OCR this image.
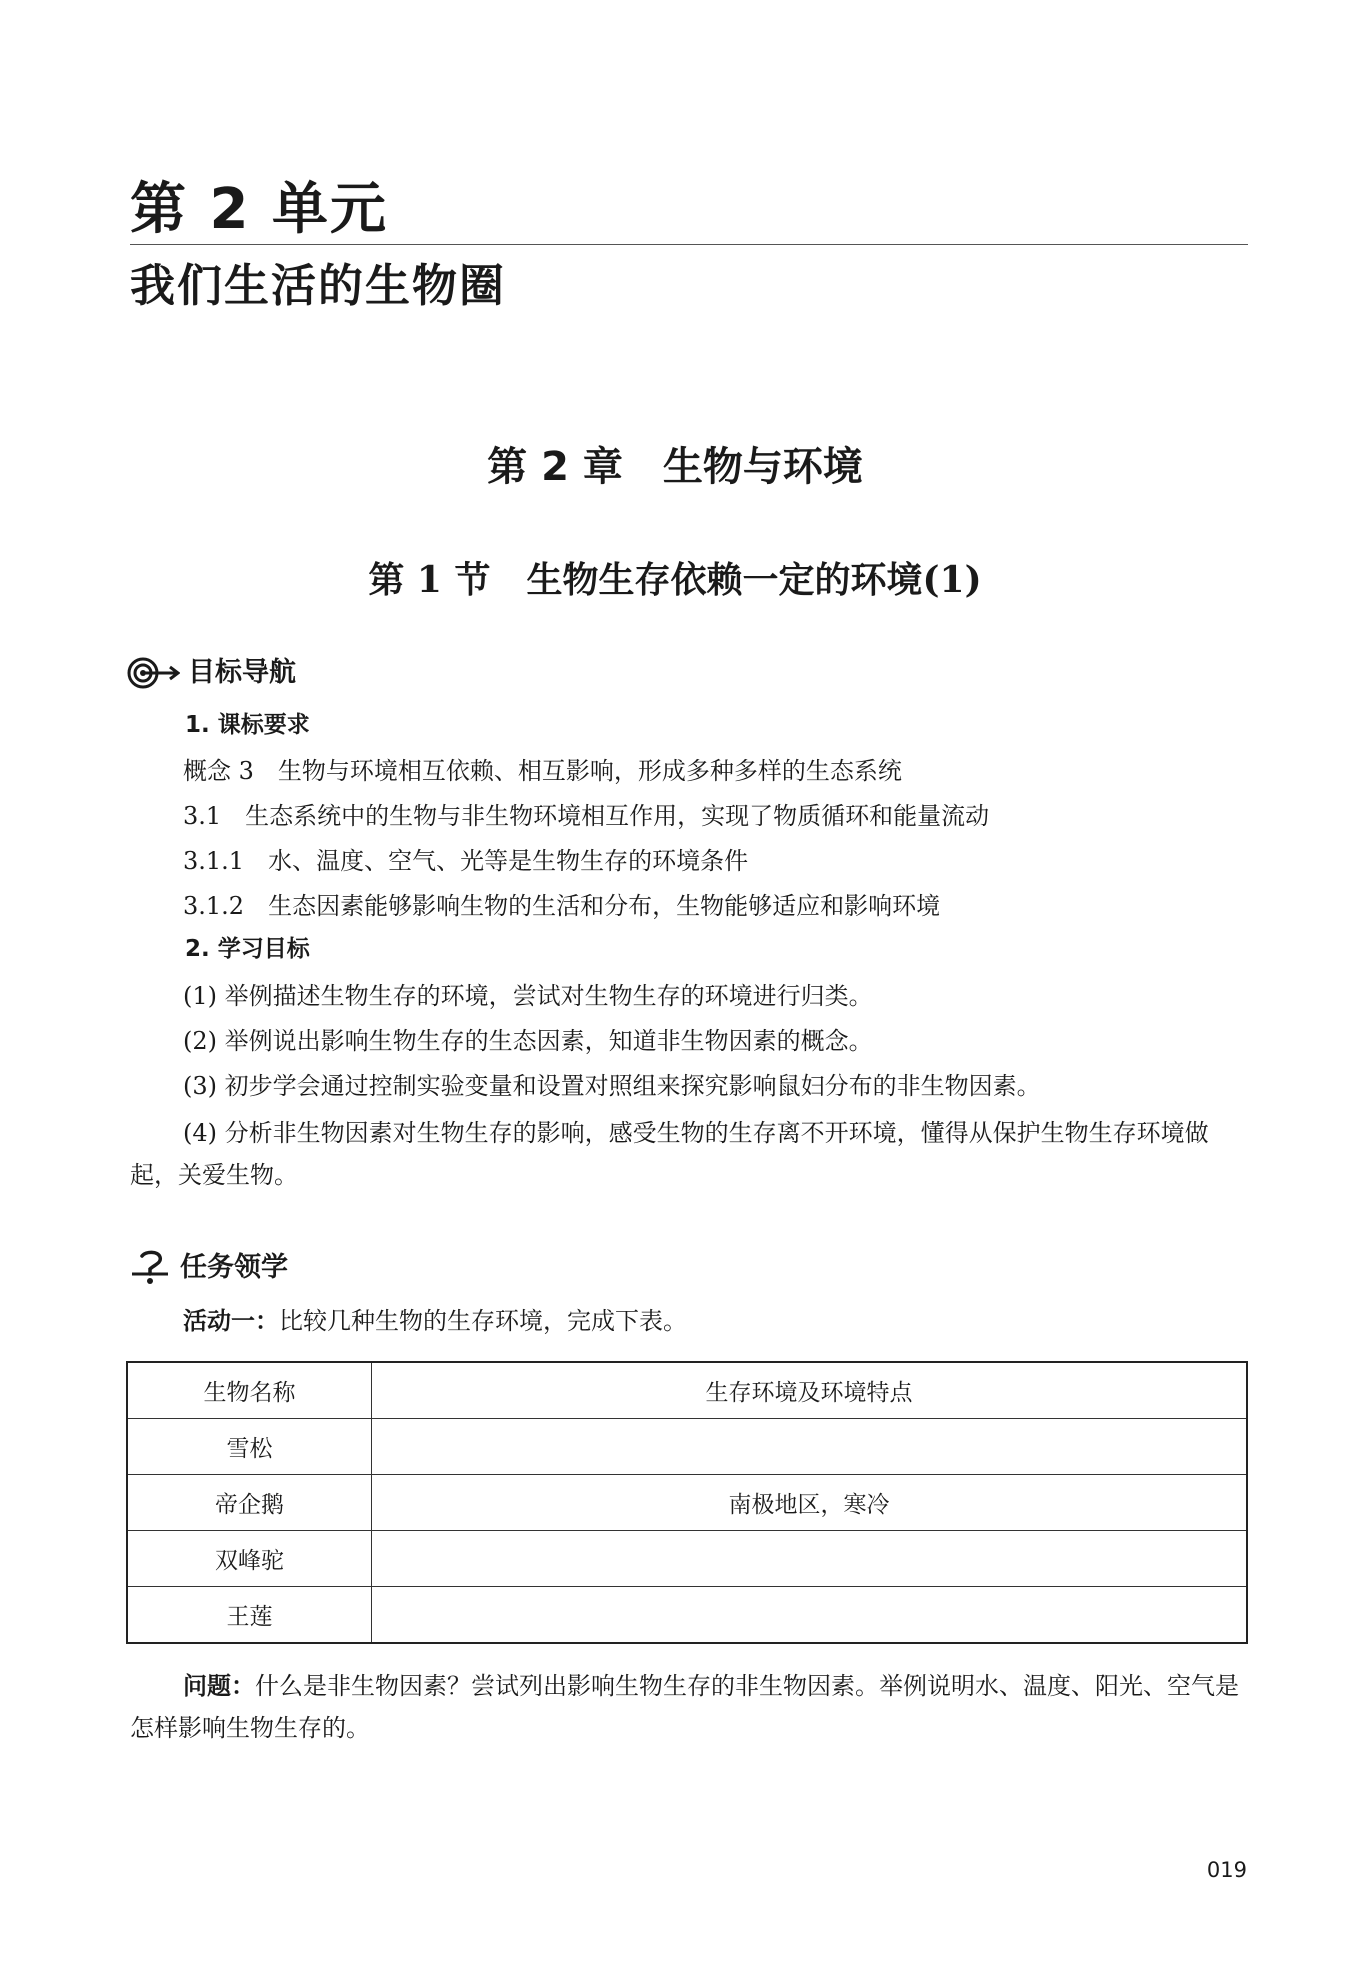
第 2 单元
我们生活的生物圈
第 2 章　生物与环境
第 1 节　生物生存依赖一定的环境(1)
目标导航
1. 课标要求
概念 3　生物与环境相互依赖、相互影响，形成多种多样的生态系统
3.1　生态系统中的生物与非生物环境相互作用，实现了物质循环和能量流动
3.1.1　水、温度、空气、光等是生物生存的环境条件
3.1.2　生态因素能够影响生物的生活和分布，生物能够适应和影响环境
2. 学习目标
(1) 举例描述生物生存的环境，尝试对生物生存的环境进行归类。
(2) 举例说出影响生物生存的生态因素，知道非生物因素的概念。
(3) 初步学会通过控制实验变量和设置对照组来探究影响鼠妇分布的非生物因素。
(4) 分析非生物因素对生物生存的影响，感受生物的生存离不开环境，懂得从保护生物生存环境做起，关爱生物。
任务领学
活动一：比较几种生物的生存环境，完成下表。
生物名称	生存环境及环境特点
雪松	
帝企鹅	南极地区，寒冷
双峰驼	
王莲	
问题：什么是非生物因素？尝试列出影响生物生存的非生物因素。举例说明水、温度、阳光、空气是怎样影响生物生存的。
019
